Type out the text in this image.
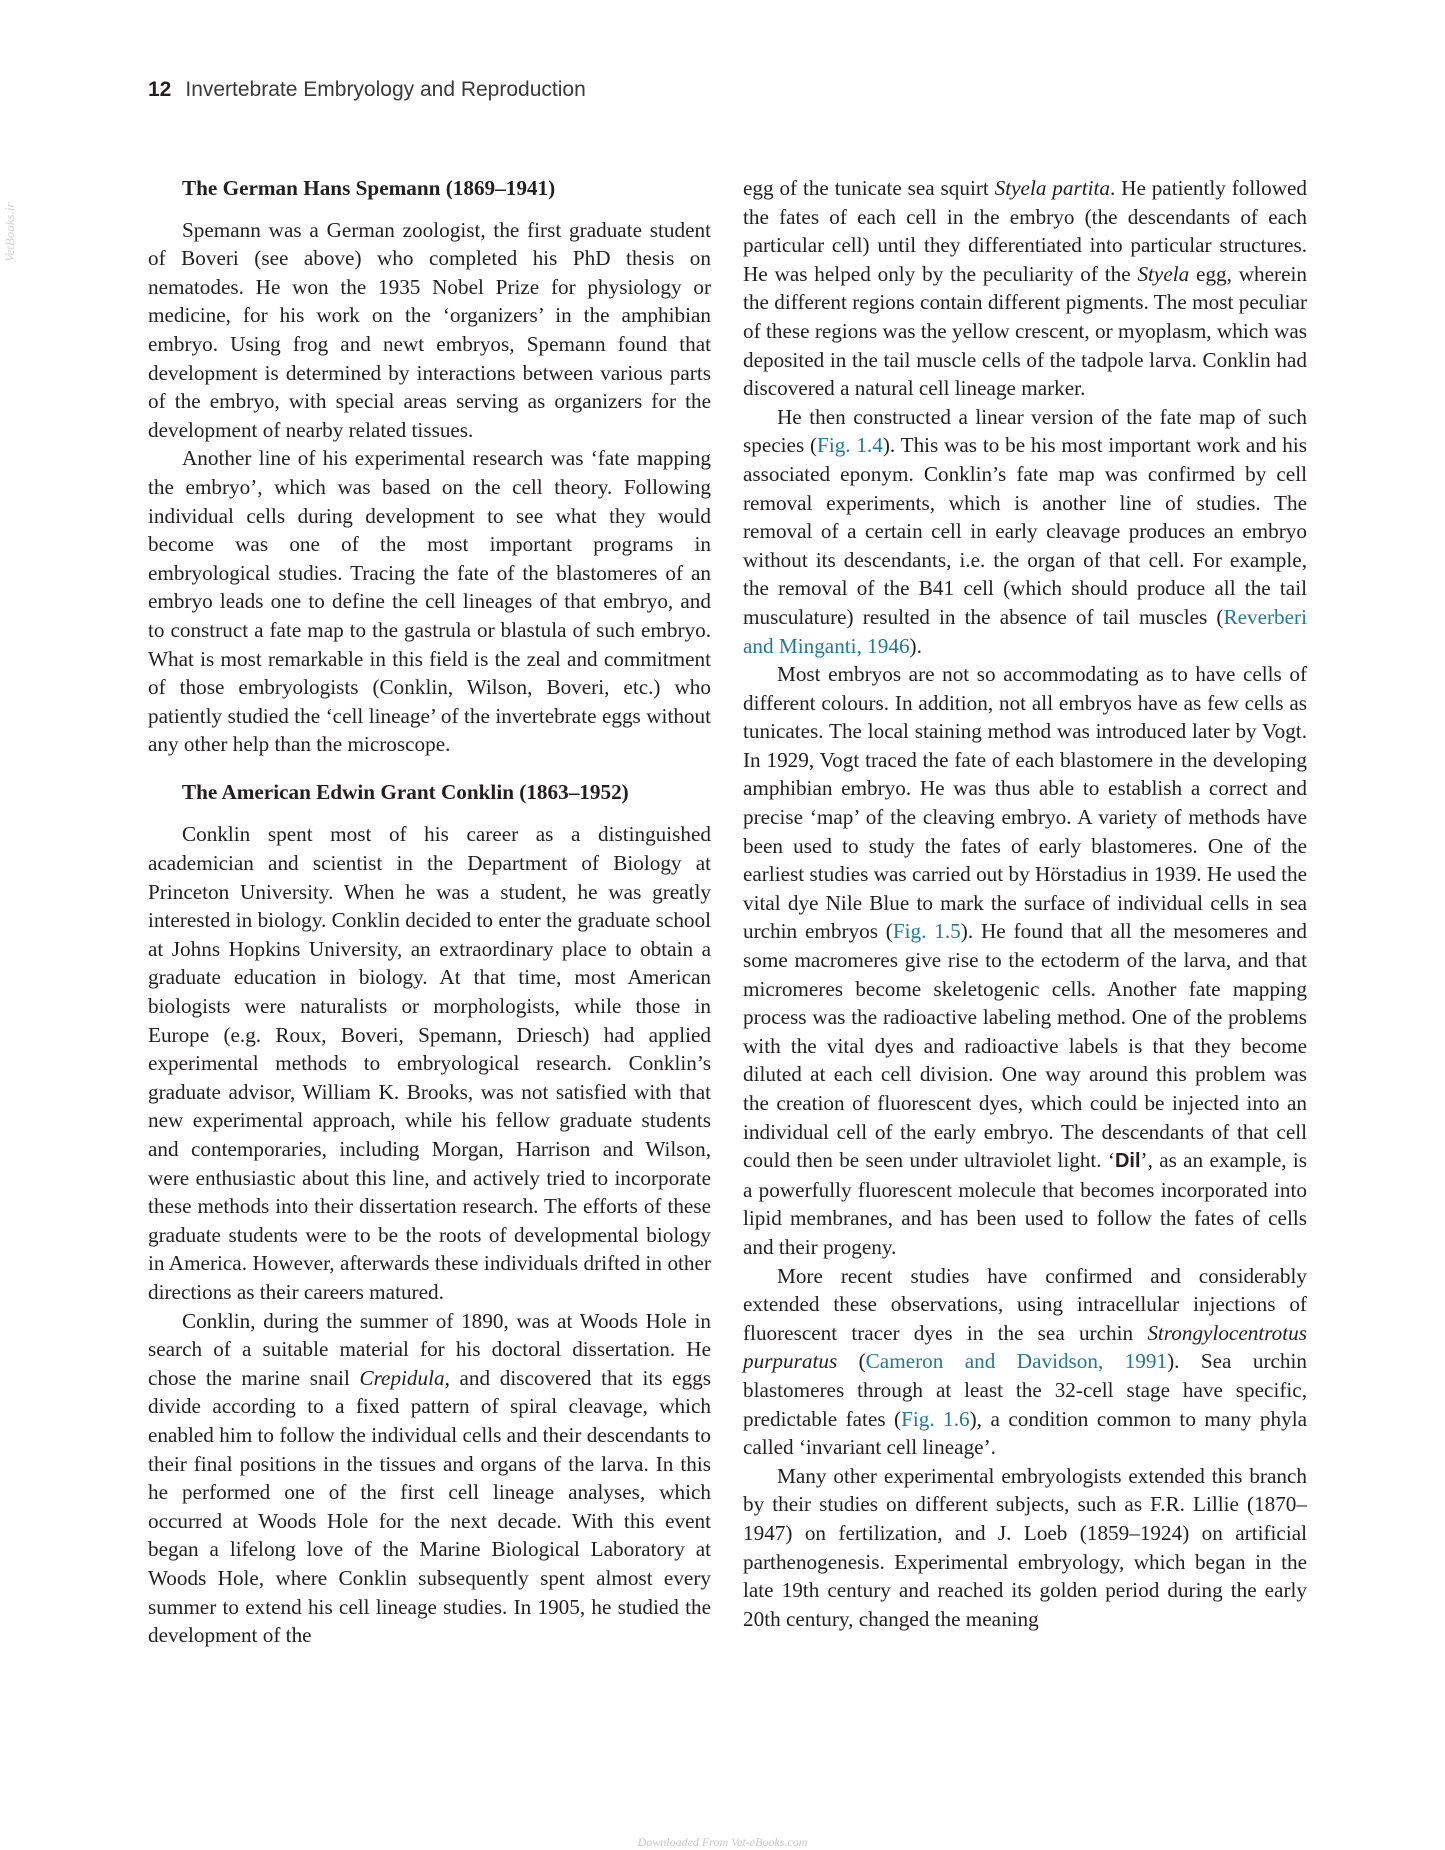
12 Invertebrate Embryology and Reproduction
VetBooks.ir
The German Hans Spemann (1869–1941)

Spemann was a German zoologist, the first graduate student of Boveri (see above) who completed his PhD thesis on nematodes. He won the 1935 Nobel Prize for physiology or medicine, for his work on the ‘organizers’ in the amphibian embryo. Using frog and newt embryos, Spemann found that development is determined by interactions between various parts of the embryo, with special areas serving as organizers for the development of nearby related tissues.

Another line of his experimental research was ‘fate mapping the embryo’, which was based on the cell theory. Following individual cells during development to see what they would become was one of the most important programs in embryological studies. Tracing the fate of the blastomeres of an embryo leads one to define the cell lineages of that embryo, and to construct a fate map to the gastrula or blastula of such embryo. What is most remarkable in this field is the zeal and commitment of those embryologists (Conklin, Wilson, Boveri, etc.) who patiently studied the ‘cell lineage’ of the invertebrate eggs without any other help than the microscope.

The American Edwin Grant Conklin (1863–1952)

Conklin spent most of his career as a distinguished academician and scientist in the Department of Biology at Princeton University. When he was a student, he was greatly interested in biology. Conklin decided to enter the graduate school at Johns Hopkins University, an extraordinary place to obtain a graduate education in biology. At that time, most American biologists were naturalists or morphologists, while those in Europe (e.g. Roux, Boveri, Spemann, Driesch) had applied experimental methods to embryological research. Conklin’s graduate advisor, William K. Brooks, was not satisfied with that new experimental approach, while his fellow graduate students and contemporaries, including Morgan, Harrison and Wilson, were enthusiastic about this line, and actively tried to incorporate these methods into their dissertation research. The efforts of these graduate students were to be the roots of developmental biology in America. However, afterwards these individuals drifted in other directions as their careers matured.

Conklin, during the summer of 1890, was at Woods Hole in search of a suitable material for his doctoral dissertation. He chose the marine snail Crepidula, and discovered that its eggs divide according to a fixed pattern of spiral cleavage, which enabled him to follow the individual cells and their descendants to their final positions in the tissues and organs of the larva. In this he performed one of the first cell lineage analyses, which occurred at Woods Hole for the next decade. With this event began a lifelong love of the Marine Biological Laboratory at Woods Hole, where Conklin subsequently spent almost every summer to extend his cell lineage studies. In 1905, he studied the development of the

egg of the tunicate sea squirt Styela partita. He patiently followed the fates of each cell in the embryo (the descendants of each particular cell) until they differentiated into particular structures. He was helped only by the peculiarity of the Styela egg, wherein the different regions contain different pigments. The most peculiar of these regions was the yellow crescent, or myoplasm, which was deposited in the tail muscle cells of the tadpole larva. Conklin had discovered a natural cell lineage marker.

He then constructed a linear version of the fate map of such species (Fig. 1.4). This was to be his most important work and his associated eponym. Conklin’s fate map was confirmed by cell removal experiments, which is another line of studies. The removal of a certain cell in early cleavage produces an embryo without its descendants, i.e. the organ of that cell. For example, the removal of the B41 cell (which should produce all the tail musculature) resulted in the absence of tail muscles (Reverberi and Minganti, 1946).

Most embryos are not so accommodating as to have cells of different colours. In addition, not all embryos have as few cells as tunicates. The local staining method was introduced later by Vogt. In 1929, Vogt traced the fate of each blastomere in the developing amphibian embryo. He was thus able to establish a correct and precise ‘map’ of the cleaving embryo. A variety of methods have been used to study the fates of early blastomeres. One of the earliest studies was carried out by Hörstadius in 1939. He used the vital dye Nile Blue to mark the surface of individual cells in sea urchin embryos (Fig. 1.5). He found that all the mesomeres and some macromeres give rise to the ectoderm of the larva, and that micromeres become skeletogenic cells. Another fate mapping process was the radioactive labeling method. One of the problems with the vital dyes and radioactive labels is that they become diluted at each cell division. One way around this problem was the creation of fluorescent dyes, which could be injected into an individual cell of the early embryo. The descendants of that cell could then be seen under ultraviolet light. ‘Dil’, as an example, is a powerfully fluorescent molecule that becomes incorporated into lipid membranes, and has been used to follow the fates of cells and their progeny.

More recent studies have confirmed and considerably extended these observations, using intracellular injections of fluorescent tracer dyes in the sea urchin Strongylocentrotus purpuratus (Cameron and Davidson, 1991). Sea urchin blastomeres through at least the 32-cell stage have specific, predictable fates (Fig. 1.6), a condition common to many phyla called ‘invariant cell lineage’.

Many other experimental embryologists extended this branch by their studies on different subjects, such as F.R. Lillie (1870–1947) on fertilization, and J. Loeb (1859–1924) on artificial parthenogenesis. Experimental embryology, which began in the late 19th century and reached its golden period during the early 20th century, changed the meaning

Downloaded From Vet-eBooks.com
